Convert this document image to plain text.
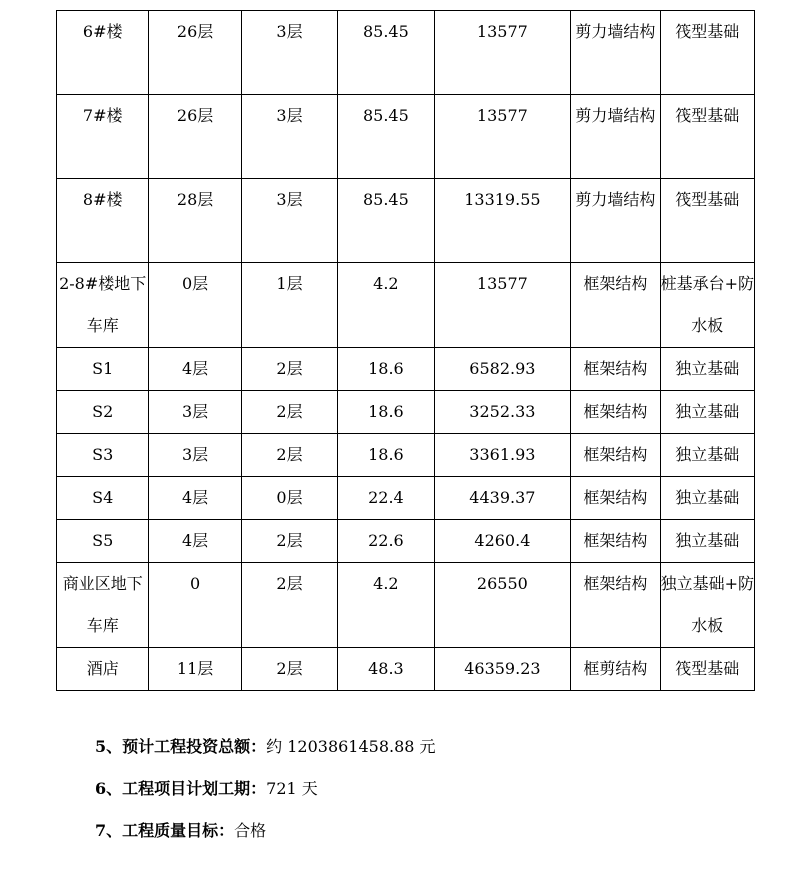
6#楼	26层	3层	85.45	13577	剪力墙结构	筏型基础
7#楼	26层	3层	85.45	13577	剪力墙结构	筏型基础
8#楼	28层	3层	85.45	13319.55	剪力墙结构	筏型基础
2-8#楼地下车库	0层	1层	4.2	13577	框架结构	桩基承台+防水板
S1	4层	2层	18.6	6582.93	框架结构	独立基础
S2	3层	2层	18.6	3252.33	框架结构	独立基础
S3	3层	2层	18.6	3361.93	框架结构	独立基础
S4	4层	0层	22.4	4439.37	框架结构	独立基础
S5	4层	2层	22.6	4260.4	框架结构	独立基础
商业区地下车库	0	2层	4.2	26550	框架结构	独立基础+防水板
酒店	11层	2层	48.3	46359.23	框剪结构	筏型基础
5、预计工程投资总额：约 1203861458.88 元
6、工程项目计划工期：721 天
7、工程质量目标：合格
